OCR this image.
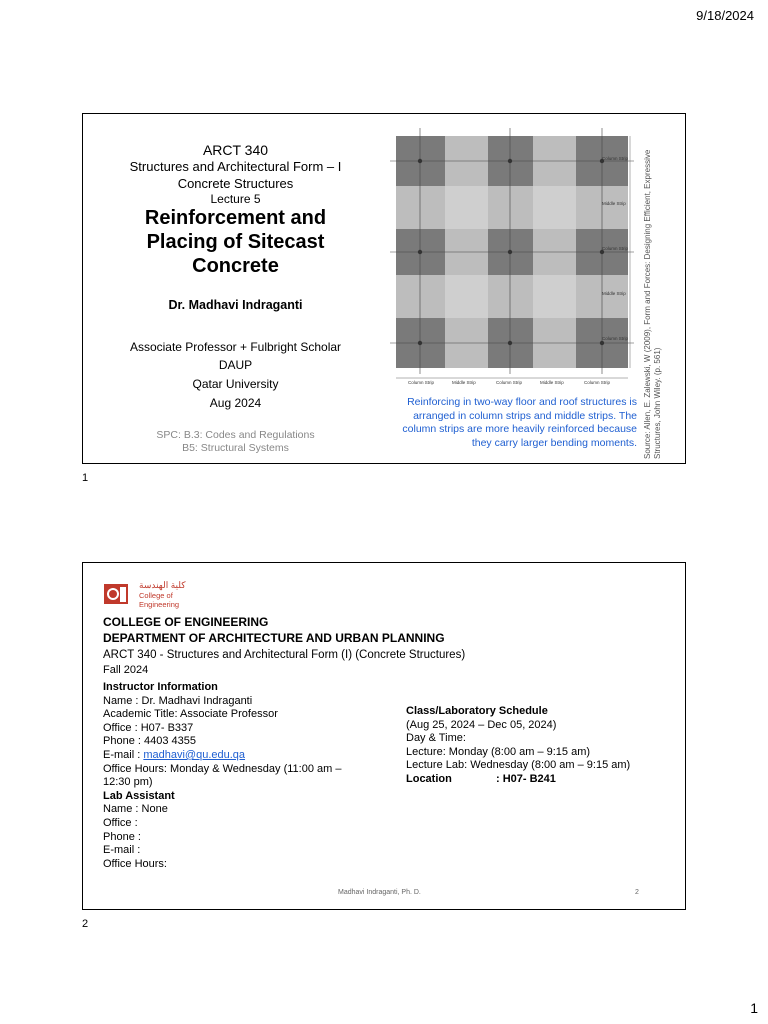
9/18/2024
ARCT 340
Structures and Architectural Form – I
Concrete Structures
Lecture 5
Reinforcement and
Placing of Sitecast
Concrete
Dr. Madhavi Indraganti
Associate Professor + Fulbright Scholar
DAUP
Qatar University
Aug 2024
SPC: B.3: Codes and Regulations
B5: Structural Systems
Column Strip
Middle Strip
Column Strip
Middle Strip
Column Strip
Column Strip	Middle Strip	Column Strip	Middle Strip	Column Strip
Reinforcing in two-way floor and roof structures is
arranged in column strips and middle strips. The
column strips are more heavily reinforced because
they carry larger bending moments. Source: Allen, E. Zalewski, W (2009), Form and Forces: Designing Efficient, Expressive Structures, John Wiley. (p. 561)
1
كلية الهندسة
College of Engineering
COLLEGE OF ENGINEERING
DEPARTMENT OF ARCHITECTURE AND URBAN PLANNING
ARCT 340 - Structures and Architectural Form (I) (Concrete Structures)
Fall 2024
Instructor Information
Name : Dr. Madhavi Indraganti
Academic Title: Associate Professor
Office : H07- B337
Phone : 4403 4355
E-mail : madhavi@qu.edu.qa
Office Hours: Monday & Wednesday (11:00 am –
12:30 pm)
Lab Assistant
Name : None
Office :
Phone :
E-mail :
Office Hours:
Class/Laboratory Schedule
(Aug 25, 2024 – Dec 05, 2024)
Day & Time:
Lecture: Monday (8:00 am – 9:15 am)
Lecture Lab: Wednesday (8:00 am – 9:15 am)
Location	: H07- B241
Madhavi Indraganti, Ph. D.	2
2
1
